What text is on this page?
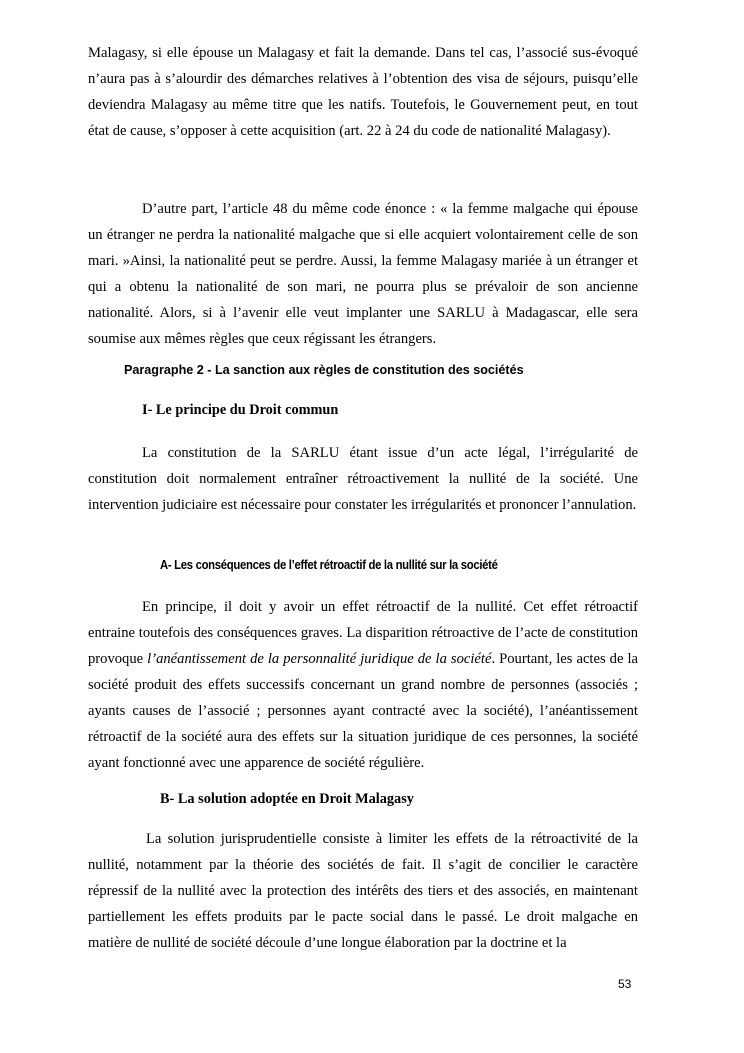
Malagasy, si elle épouse un Malagasy et fait la demande. Dans tel cas, l’associé sus-évoqué n’aura pas à s’alourdir des démarches relatives à l’obtention des visa de séjours, puisqu’elle deviendra Malagasy au même titre que les natifs. Toutefois, le Gouvernement peut, en tout état de cause, s’opposer à cette acquisition (art. 22 à 24 du code de nationalité Malagasy).

D’autre part, l’article 48 du même code énonce : « la femme malgache qui épouse un étranger ne perdra la nationalité malgache que si elle acquiert volontairement celle de son mari. »Ainsi, la nationalité peut se perdre. Aussi, la femme Malagasy mariée à un étranger et qui a obtenu la nationalité de son mari, ne pourra plus se prévaloir de son ancienne nationalité. Alors, si à l’avenir elle veut implanter une SARLU à Madagascar, elle sera soumise aux mêmes règles que ceux régissant les étrangers.

Paragraphe 2 - La sanction aux règles de constitution des sociétés

I- Le principe du Droit commun

La constitution de la SARLU étant issue d’un acte légal, l’irrégularité de constitution doit normalement entraîner rétroactivement la nullité de la société. Une intervention judiciaire est nécessaire pour constater les irrégularités et prononcer l’annulation.

A- Les conséquences de l’effet rétroactif de la nullité sur la société

En principe, il doit y avoir un effet rétroactif de la nullité. Cet effet rétroactif entraine toutefois des conséquences graves. La disparition rétroactive de l’acte de constitution provoque l’anéantissement de la personnalité juridique de la société. Pourtant, les actes de la société produit des effets successifs concernant un grand nombre de personnes (associés ; ayants causes de l’associé ; personnes ayant contracté avec la société), l’anéantissement rétroactif de la société aura des effets sur la situation juridique de ces personnes, la société ayant fonctionné avec une apparence de société régulière.

B- La solution adoptée en Droit Malagasy

La solution jurisprudentielle consiste à limiter les effets de la rétroactivité de la nullité, notamment par la théorie des sociétés de fait. Il s’agit de concilier le caractère répressif de la nullité avec la protection des intérêts des tiers et des associés, en maintenant partiellement les effets produits par le pacte social dans le passé. Le droit malgache en matière de nullité de société découle d’une longue élaboration par la doctrine et la

53
